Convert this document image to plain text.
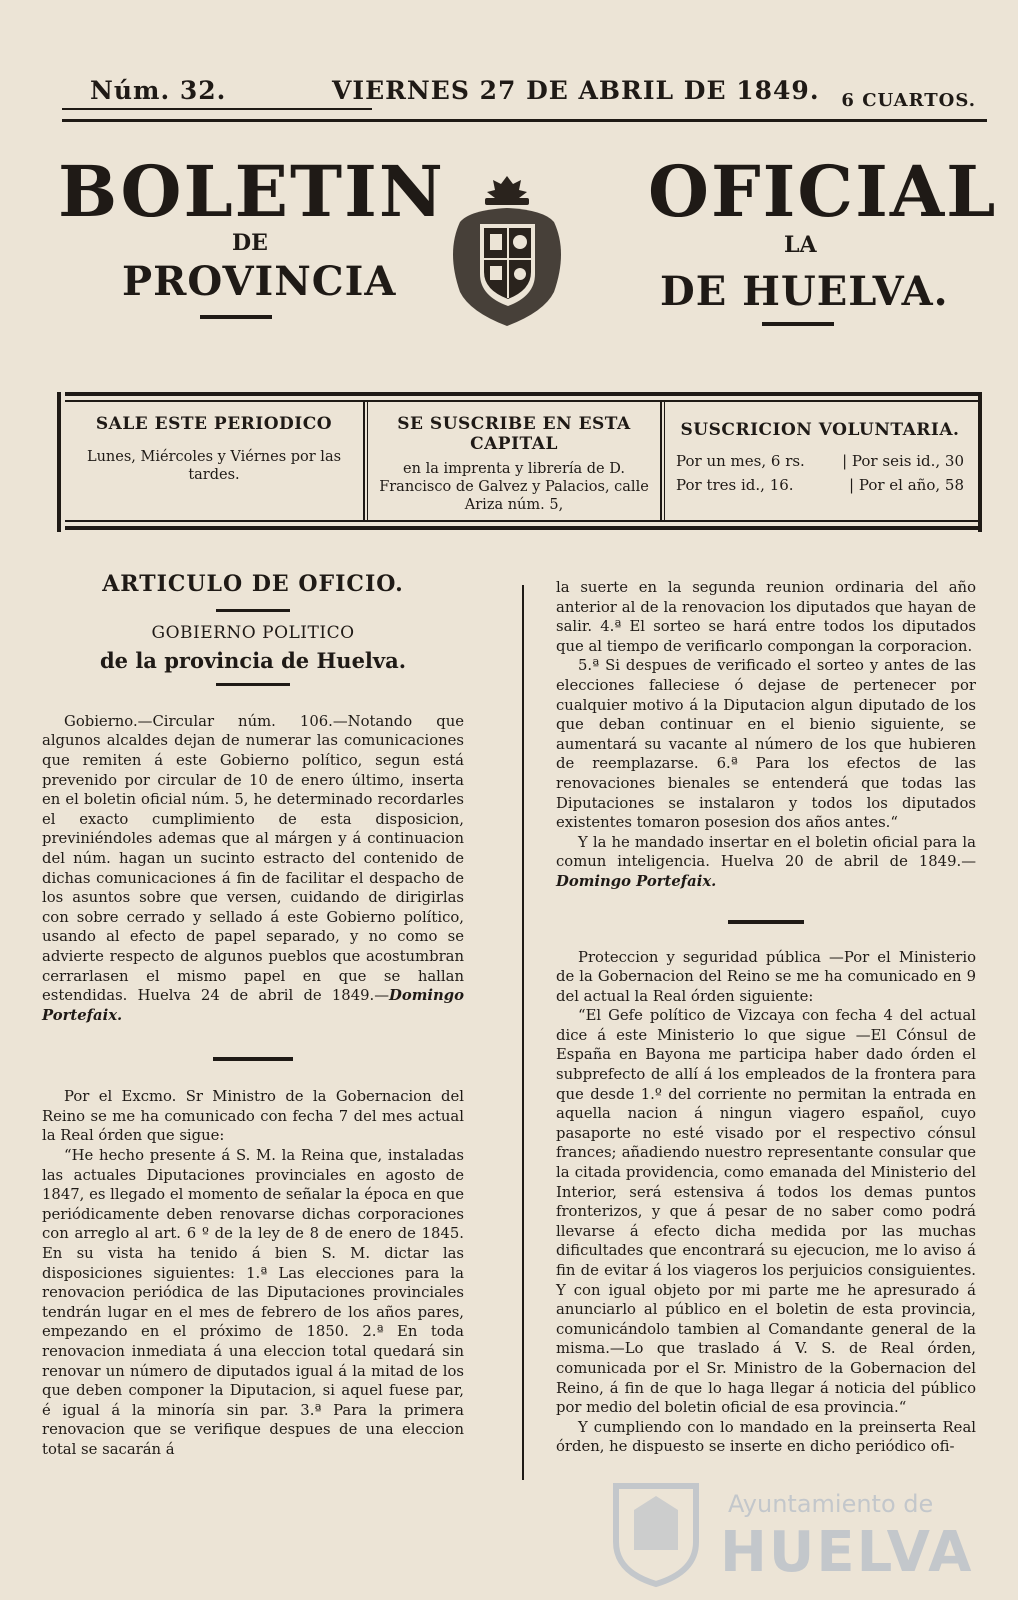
Núm. 32.	VIERNES 27 DE ABRIL DE 1849. 6 CUARTOS.
BOLETIN
DE
PROVINCIA
OFICIAL
LA
DE HUELVA.
SALE ESTE PERIODICO
Lunes, Miércoles y Viérnes por las tardes.
SE SUSCRIBE EN ESTA CAPITAL
en la imprenta y librería de D. Francisco de Galvez y Palacios, calle Ariza núm. 5,
SUSCRICION VOLUNTARIA.
Por un mes, 6 rs. | Por seis id., 30
Por tres id., 16.	| Por el año, 58
ARTICULO DE OFICIO.
GOBIERNO POLITICO
de la provincia de Huelva.

Gobierno.—Circular núm. 106.—Notando que algunos alcaldes dejan de numerar las comunicaciones que remiten á este Gobierno político, segun está prevenido por circular de 10 de enero último, inserta en el boletin oficial núm. 5, he determinado recordarles el exacto cumplimiento de esta disposicion, previniéndoles ademas que al márgen y á continuacion del núm. hagan un sucinto estracto del contenido de dichas comunicaciones á fin de facilitar el despacho de los asuntos sobre que versen, cuidando de dirigirlas con sobre cerrado y sellado á este Gobierno político, usando al efecto de papel separado, y no como se advierte respecto de algunos pueblos que acostumbran cerrarlasen el mismo papel en que se hallan estendidas. Huelva 24 de abril de 1849.—Domingo Portefaix.

Por el Excmo. Sr Ministro de la Gobernacion del Reino se me ha comunicado con fecha 7 del mes actual la Real órden que sigue:

“He hecho presente á S. M. la Reina que, instaladas las actuales Diputaciones provinciales en agosto de 1847, es llegado el momento de señalar la época en que periódicamente deben renovarse dichas corporaciones con arreglo al art. 6 º de la ley de 8 de enero de 1845. En su vista ha tenido á bien S. M. dictar las disposiciones siguientes: 1.ª Las elecciones para la renovacion periódica de las Diputaciones provinciales tendrán lugar en el mes de febrero de los años pares, empezando en el próximo de 1850. 2.ª En toda renovacion inmediata á una eleccion total quedará sin renovar un número de diputados igual á la mitad de los que deben componer la Diputacion, si aquel fuese par, é igual á la minoría sin par. 3.ª Para la primera renovacion que se verifique despues de una eleccion total se sacarán á

la suerte en la segunda reunion ordinaria del año anterior al de la renovacion los diputados que hayan de salir. 4.ª El sorteo se hará entre todos los diputados que al tiempo de verificarlo compongan la corporacion.

5.ª Si despues de verificado el sorteo y antes de las elecciones falleciese ó dejase de pertenecer por cualquier motivo á la Diputacion algun diputado de los que deban continuar en el bienio siguiente, se aumentará su vacante al número de los que hubieren de reemplazarse. 6.ª Para los efectos de las renovaciones bienales se entenderá que todas las Diputaciones se instalaron y todos los diputados existentes tomaron posesion dos años antes.“

Y la he mandado insertar en el boletin oficial para la comun inteligencia. Huelva 20 de abril de 1849.—Domingo Portefaix.

Proteccion y seguridad pública —Por el Ministerio de la Gobernacion del Reino se me ha comunicado en 9 del actual la Real órden siguiente:

“El Gefe político de Vizcaya con fecha 4 del actual dice á este Ministerio lo que sigue —El Cónsul de España en Bayona me participa haber dado órden el subprefecto de allí á los empleados de la frontera para que desde 1.º del corriente no permitan la entrada en aquella nacion á ningun viagero español, cuyo pasaporte no esté visado por el respectivo cónsul frances; añadiendo nuestro representante consular que la citada providencia, como emanada del Ministerio del Interior, será estensiva á todos los demas puntos fronterizos, y que á pesar de no saber como podrá llevarse á efecto dicha medida por las muchas dificultades que encontrará su ejecucion, me lo aviso á fin de evitar á los viageros los perjuicios consiguientes. Y con igual objeto por mi parte me he apresurado á anunciarlo al público en el boletin de esta provincia, comunicándolo tambien al Comandante general de la misma.—Lo que traslado á V. S. de Real órden, comunicada por el Sr. Ministro de la Gobernacion del Reino, á fin de que lo haga llegar á noticia del público por medio del boletin oficial de esa provincia.“

Y cumpliendo con lo mandado en la preinserta Real órden, he dispuesto se inserte en dicho periódico ofi-

Ayuntamiento de
HUELVA
